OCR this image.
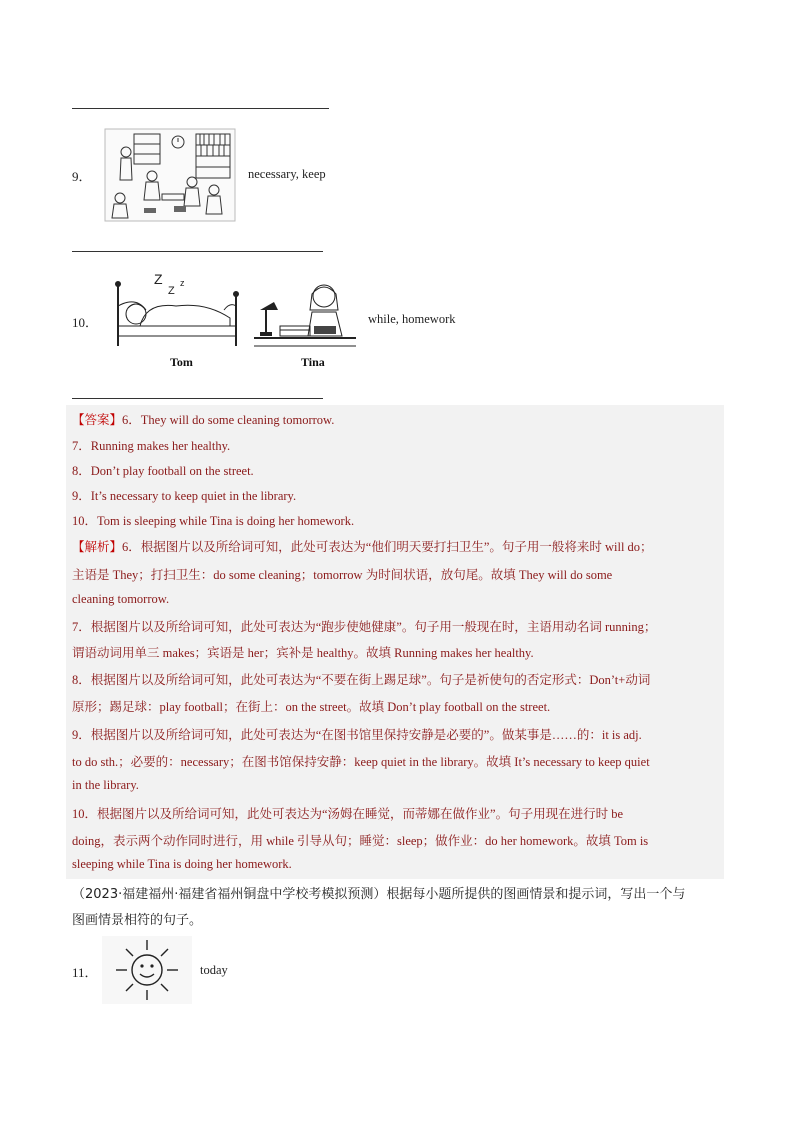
9．	necessary, keep
10．
Z
Z
z
Tom	Tina
while, homework
【答案】6．They will do some cleaning tomorrow.
7．Running makes her healthy.
8．Don’t play football on the street.
9．It’s necessary to keep quiet in the library.
10．Tom is sleeping while Tina is doing her homework.
【解析】6．根据图片以及所给词可知，此处可表达为“他们明天要打扫卫生”。句子用一般将来时 will do；
主语是 They；打扫卫生：do some cleaning；tomorrow 为时间状语，放句尾。故填 They will do some
cleaning tomorrow.
7．根据图片以及所给词可知，此处可表达为“跑步使她健康”。句子用一般现在时，主语用动名词 running；
谓语动词用单三 makes；宾语是 her；宾补是 healthy。故填 Running makes her healthy.
8．根据图片以及所给词可知，此处可表达为“不要在街上踢足球”。句子是祈使句的否定形式：Don’t+动词
原形；踢足球：play football；在街上：on the street。故填 Don’t play football on the street.
9．根据图片以及所给词可知，此处可表达为“在图书馆里保持安静是必要的”。做某事是……的：it is adj.
to do sth.；必要的：necessary；在图书馆保持安静：keep quiet in the library。故填 It’s necessary to keep quiet
in the library.
10．根据图片以及所给词可知，此处可表达为“汤姆在睡觉，而蒂娜在做作业”。句子用现在进行时 be
doing，表示两个动作同时进行，用 while 引导从句；睡觉：sleep；做作业：do her homework。故填 Tom is
sleeping while Tina is doing her homework.
（2023·福建福州·福建省福州铜盘中学校考模拟预测）根据每小题所提供的图画情景和提示词，写出一个与
图画情景相符的句子。
11．	today
